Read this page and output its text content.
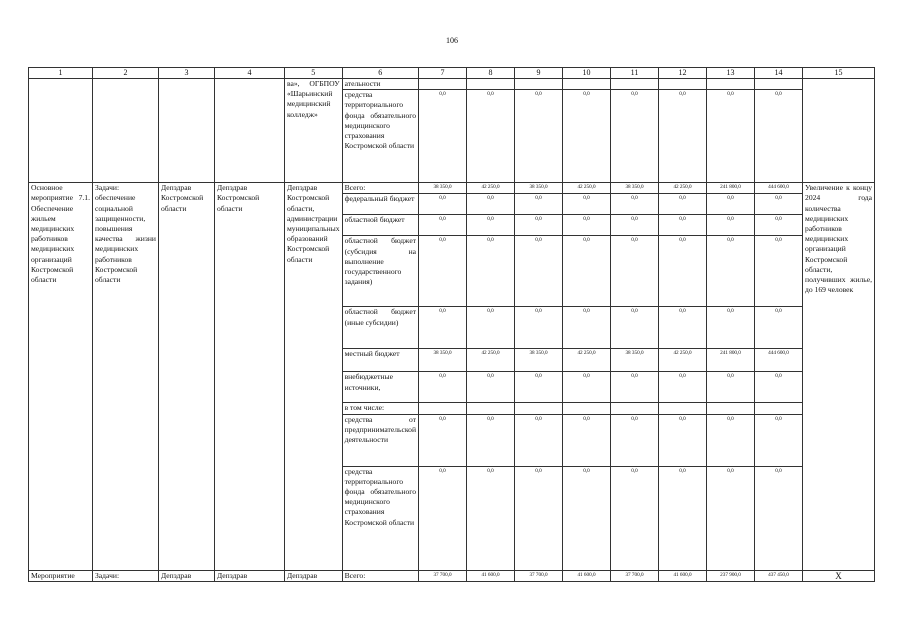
106
1	2	3	4	5	6	7	8	9	10	11	12	13	14	15
				ва», ОГБПОУ «Шарьинский медицинский колледж»	ательности									
					средства территориального фонда обязательного медицинского страхования Костромской области	0,0	0,0	0,0	0,0	0,0	0,0	0,0	0,0	
Основное мероприятие 7.1. Обеспечение жильем медицинских работников медицинских организаций Костромской области	Задачи: обеспечение социальной защищенности, повышения качества жизни медицинских работников Костромской области	Депздрав Костромской области	Депздрав Костромской области	Депздрав Костромской области, администрации муниципальных образований Костромской области	Всего:	38 350,0	42 250,0	38 350,0	42 250,0	38 350,0	42 250,0	241 800,0	444 600,0	Увеличение к концу 2024 года количества медицинских работников медицинских организаций Костромской области, получивших жилье, до 169 человек
					федеральный бюджет	0,0	0,0	0,0	0,0	0,0	0,0	0,0	0,0	
					областной бюджет	0,0	0,0	0,0	0,0	0,0	0,0	0,0	0,0	
					областной бюджет (субсидия на выполнение государственного задания)	0,0	0,0	0,0	0,0	0,0	0,0	0,0	0,0	
					областной бюджет (иные субсидии)	0,0	0,0	0,0	0,0	0,0	0,0	0,0	0,0	
					местный бюджет	38 350,0	42 250,0	38 350,0	42 250,0	38 350,0	42 250,0	241 800,0	444 600,0	
					внебюджетные источники,	0,0	0,0	0,0	0,0	0,0	0,0	0,0	0,0	
					в том числе:									
					средства от предпринимательской деятельности	0,0	0,0	0,0	0,0	0,0	0,0	0,0	0,0	
					средства территориального фонда обязательного медицинского страхования Костромской области	0,0	0,0	0,0	0,0	0,0	0,0	0,0	0,0	
Мероприятие	Задачи:	Депздрав	Депздрав	Депздрав	Всего:	37 700,0	41 600,0	37 700,0	41 600,0	37 700,0	41 600,0	237 900,0	437 450,0	X
